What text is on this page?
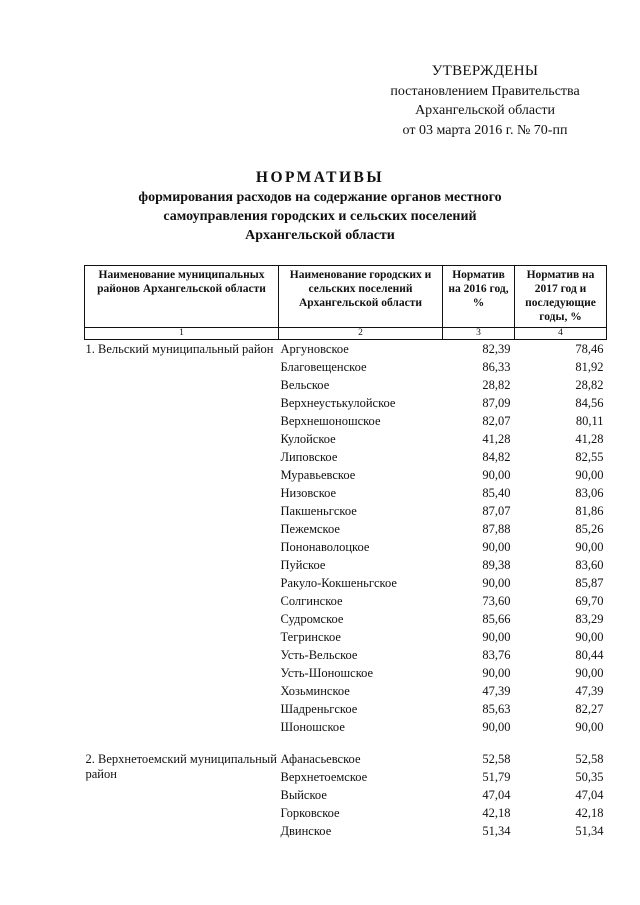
УТВЕРЖДЕНЫ
постановлением Правительства
Архангельской области
от 03 марта 2016 г. № 70-пп
НОРМАТИВЫ
формирования расходов на содержание органов местного
самоуправления городских и сельских поселений
Архангельской области
Наименование муниципальных районов Архангельской области	Наименование городских и сельских поселений Архангельской области	Норматив на 2016 год, %	Норматив на 2017 год и последующие годы, %
1	2	3	4
1. Вельский муниципальный район	Аргуновское	82,39	78,46
	Благовещенское	86,33	81,92
	Вельское	28,82	28,82
	Верхнеустькулойское	87,09	84,56
	Верхнешоношское	82,07	80,11
	Кулойское	41,28	41,28
	Липовское	84,82	82,55
	Муравьевское	90,00	90,00
	Низовское	85,40	83,06
	Пакшеньгское	87,07	81,86
	Пежемское	87,88	85,26
	Пононаволоцкое	90,00	90,00
	Пуйское	89,38	83,60
	Ракуло-Кокшеньгское	90,00	85,87
	Солгинское	73,60	69,70
	Судромское	85,66	83,29
	Тегринское	90,00	90,00
	Усть-Вельское	83,76	80,44
	Усть-Шоношское	90,00	90,00
	Хозьминское	47,39	47,39
	Шадреньгское	85,63	82,27
	Шоношское	90,00	90,00

2. Верхнетоемский муниципальный район	Афанасьевское	52,58	52,58
	Верхнетоемское	51,79	50,35
	Выйское	47,04	47,04
	Горковское	42,18	42,18
	Двинское	51,34	51,34
